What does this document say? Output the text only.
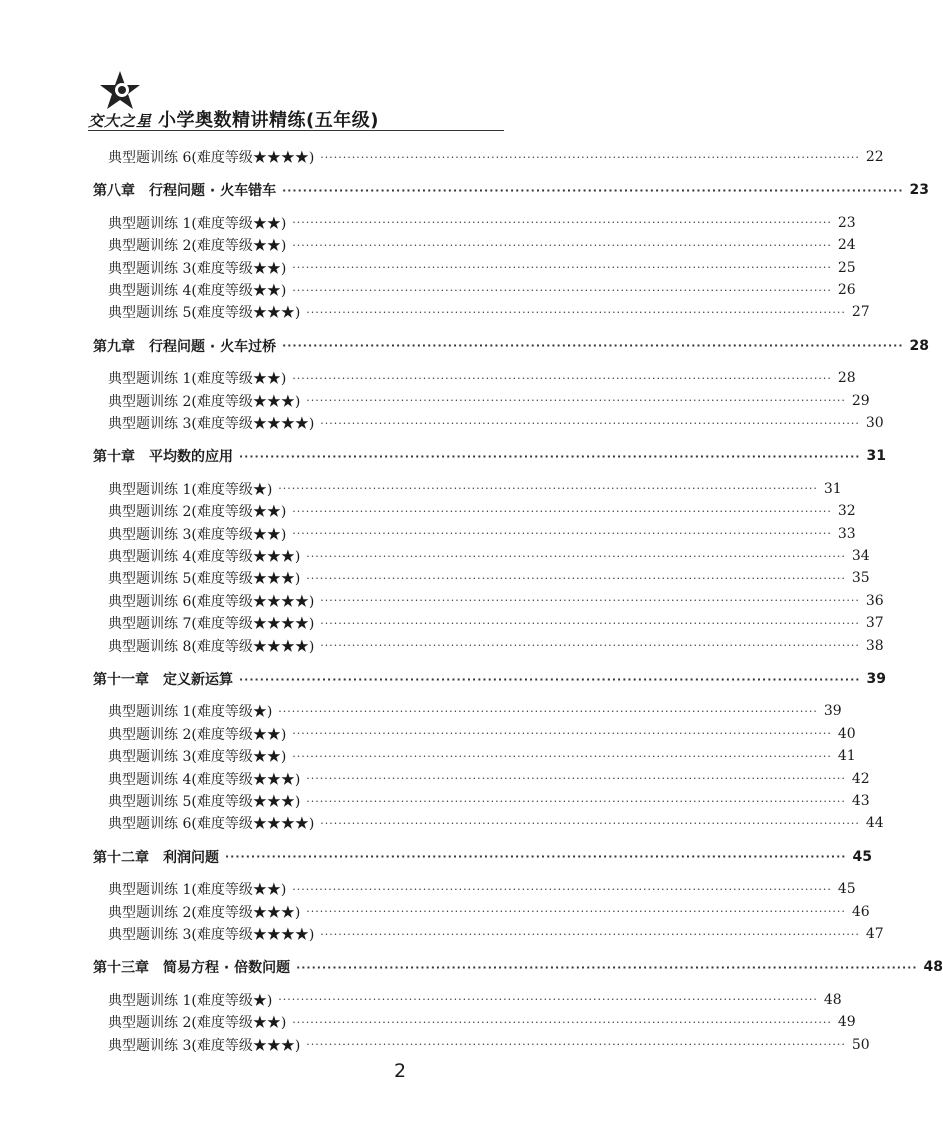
交大之星 小学奥数精讲精练(五年级)
典型题训练 6(难度等级★★★★) ························································································································ 22
第八章 行程问题 · 火车错车 ························································································································ 23
典型题训练 1(难度等级★★) ························································································································ 23
典型题训练 2(难度等级★★) ························································································································ 24
典型题训练 3(难度等级★★) ························································································································ 25
典型题训练 4(难度等级★★) ························································································································ 26
典型题训练 5(难度等级★★★) ························································································································ 27
第九章 行程问题 · 火车过桥 ························································································································ 28
典型题训练 1(难度等级★★) ························································································································ 28
典型题训练 2(难度等级★★★) ························································································································ 29
典型题训练 3(难度等级★★★★) ························································································································ 30
第十章 平均数的应用 ························································································································ 31
典型题训练 1(难度等级★) ························································································································ 31
典型题训练 2(难度等级★★) ························································································································ 32
典型题训练 3(难度等级★★) ························································································································ 33
典型题训练 4(难度等级★★★) ························································································································ 34
典型题训练 5(难度等级★★★) ························································································································ 35
典型题训练 6(难度等级★★★★) ························································································································ 36
典型题训练 7(难度等级★★★★) ························································································································ 37
典型题训练 8(难度等级★★★★) ························································································································ 38
第十一章 定义新运算 ························································································································ 39
典型题训练 1(难度等级★) ························································································································ 39
典型题训练 2(难度等级★★) ························································································································ 40
典型题训练 3(难度等级★★) ························································································································ 41
典型题训练 4(难度等级★★★) ························································································································ 42
典型题训练 5(难度等级★★★) ························································································································ 43
典型题训练 6(难度等级★★★★) ························································································································ 44
第十二章 利润问题 ························································································································ 45
典型题训练 1(难度等级★★) ························································································································ 45
典型题训练 2(难度等级★★★) ························································································································ 46
典型题训练 3(难度等级★★★★) ························································································································ 47
第十三章 简易方程 · 倍数问题 ························································································································ 48
典型题训练 1(难度等级★) ························································································································ 48
典型题训练 2(难度等级★★) ························································································································ 49
典型题训练 3(难度等级★★★) ························································································································ 50
2
